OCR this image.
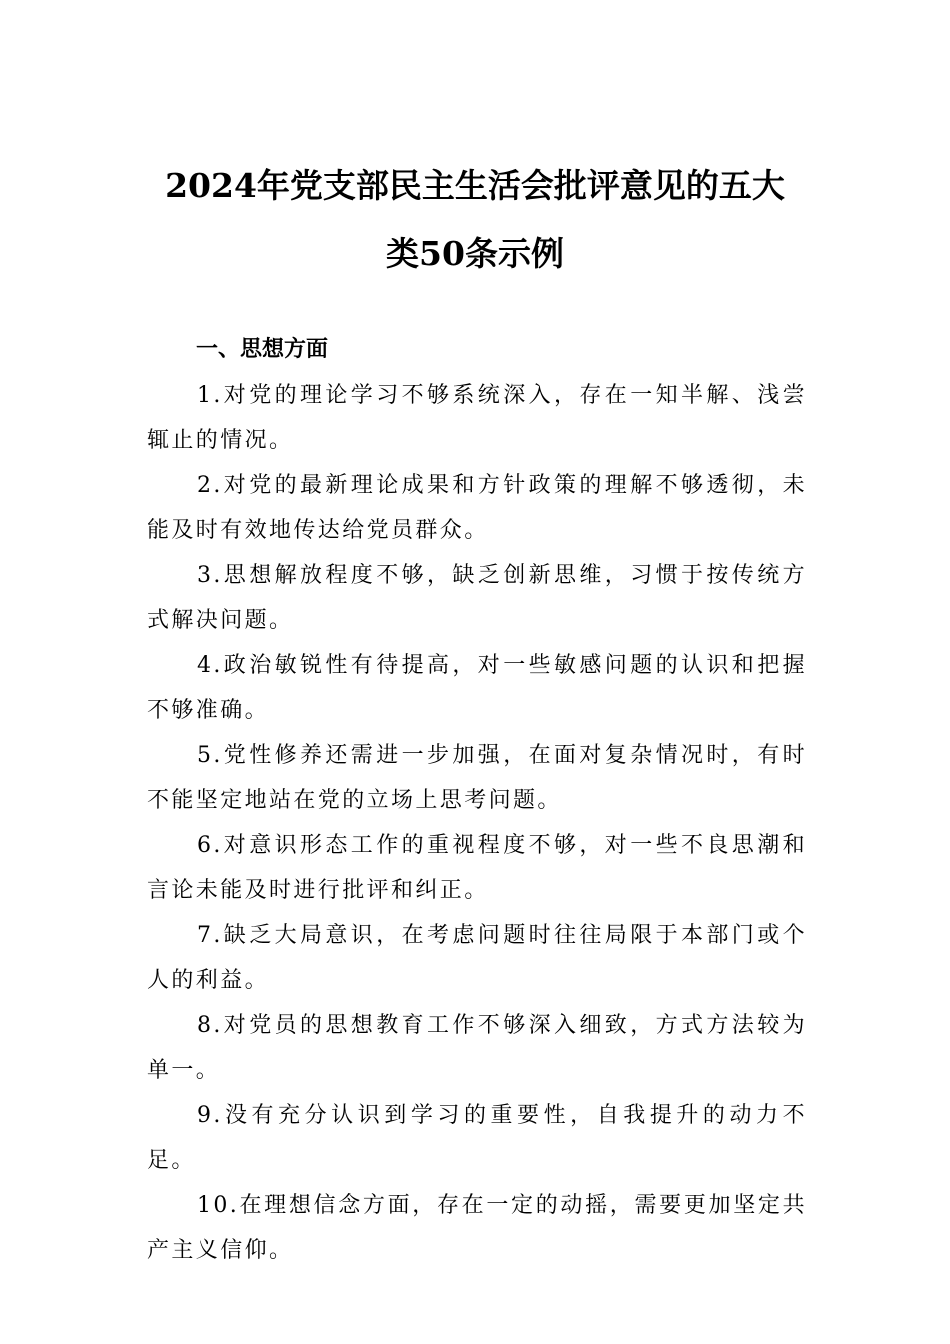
2024年党支部民主生活会批评意见的五大
类50条示例
一、思想方面
1.对党的理论学习不够系统深入，存在一知半解、浅尝辄止的情况。
2.对党的最新理论成果和方针政策的理解不够透彻，未能及时有效地传达给党员群众。
3.思想解放程度不够，缺乏创新思维，习惯于按传统方式解决问题。
4.政治敏锐性有待提高，对一些敏感问题的认识和把握不够准确。
5.党性修养还需进一步加强，在面对复杂情况时，有时不能坚定地站在党的立场上思考问题。
6.对意识形态工作的重视程度不够，对一些不良思潮和言论未能及时进行批评和纠正。
7.缺乏大局意识，在考虑问题时往往局限于本部门或个人的利益。
8.对党员的思想教育工作不够深入细致，方式方法较为单一。
9.没有充分认识到学习的重要性，自我提升的动力不足。
10.在理想信念方面，存在一定的动摇，需要更加坚定共产主义信仰。
